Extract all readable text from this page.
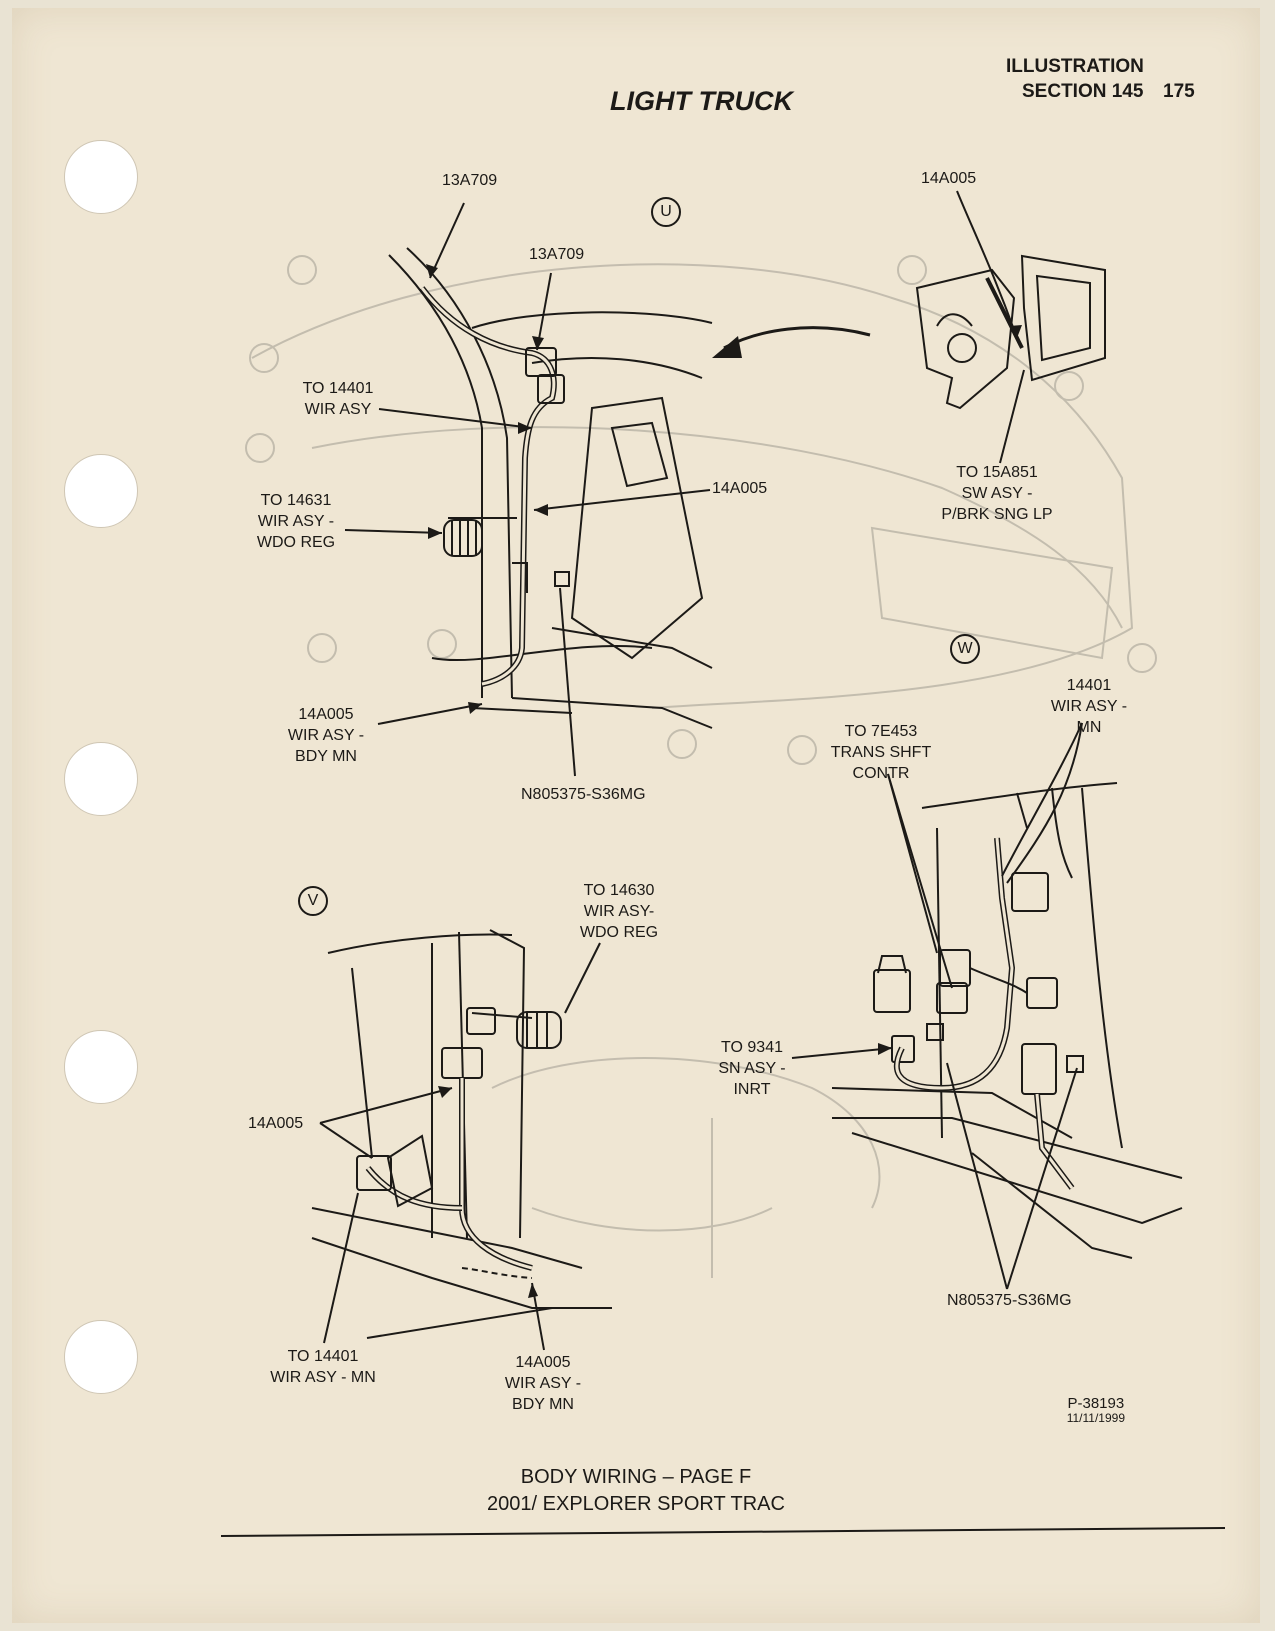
ILLUSTRATION
SECTION 145 175
LIGHT TRUCK
U
W
V
13A709
13A709
TO 14401
WIR ASY
TO 14631
WIR ASY -
WDO REG
14A005
14A005
WIR ASY -
BDY MN
N805375-S36MG
14A005
TO 15A851
SW ASY -
P/BRK SNG LP
14401
WIR ASY -
MN
TO 7E453
TRANS SHFT
CONTR
TO 9341
SN ASY -
INRT
N805375-S36MG
TO 14630
WIR ASY-
WDO REG
14A005
TO 14401
WIR ASY - MN
14A005
WIR ASY -
BDY MN	P-38193
11/11/1999
BODY WIRING – PAGE F
2001/ EXPLORER SPORT TRAC
